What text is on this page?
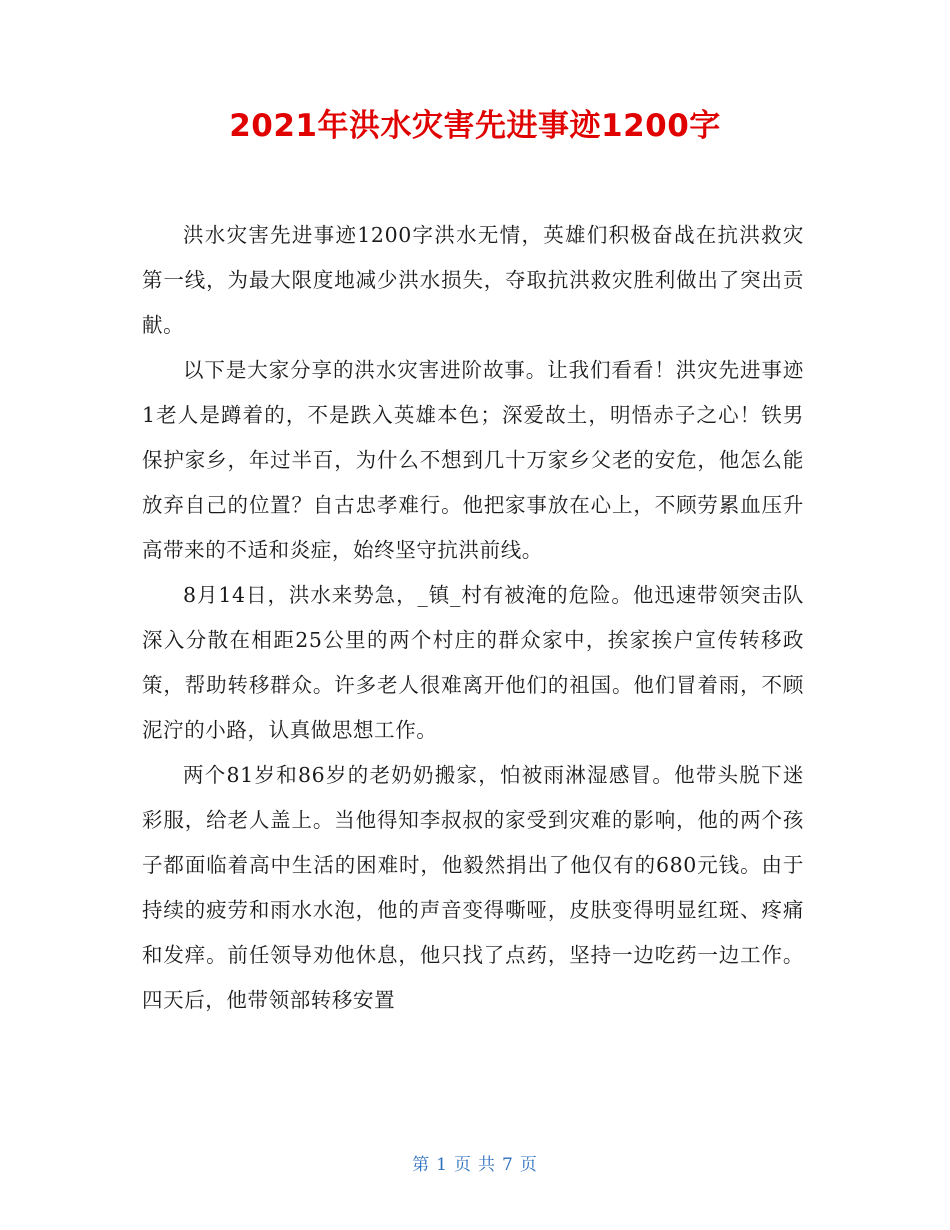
2021年洪水灾害先进事迹1200字

洪水灾害先进事迹1200字洪水无情，英雄们积极奋战在抗洪救灾第一线，为最大限度地减少洪水损失，夺取抗洪救灾胜利做出了突出贡献。

以下是大家分享的洪水灾害进阶故事。让我们看看！洪灾先进事迹1老人是蹲着的，不是跌入英雄本色；深爱故土，明悟赤子之心！铁男保护家乡，年过半百，为什么不想到几十万家乡父老的安危，他怎么能放弃自己的位置？自古忠孝难行。他把家事放在心上，不顾劳累血压升高带来的不适和炎症，始终坚守抗洪前线。

8月14日，洪水来势急，_镇_村有被淹的危险。他迅速带领突击队深入分散在相距25公里的两个村庄的群众家中，挨家挨户宣传转移政策，帮助转移群众。许多老人很难离开他们的祖国。他们冒着雨，不顾泥泞的小路，认真做思想工作。

两个81岁和86岁的老奶奶搬家，怕被雨淋湿感冒。他带头脱下迷彩服，给老人盖上。当他得知李叔叔的家受到灾难的影响，他的两个孩子都面临着高中生活的困难时，他毅然捐出了他仅有的680元钱。由于持续的疲劳和雨水水泡，他的声音变得嘶哑，皮肤变得明显红斑、疼痛和发痒。前任领导劝他休息，他只找了点药，坚持一边吃药一边工作。四天后，他带领部转移安置

第 1 页 共 7 页
